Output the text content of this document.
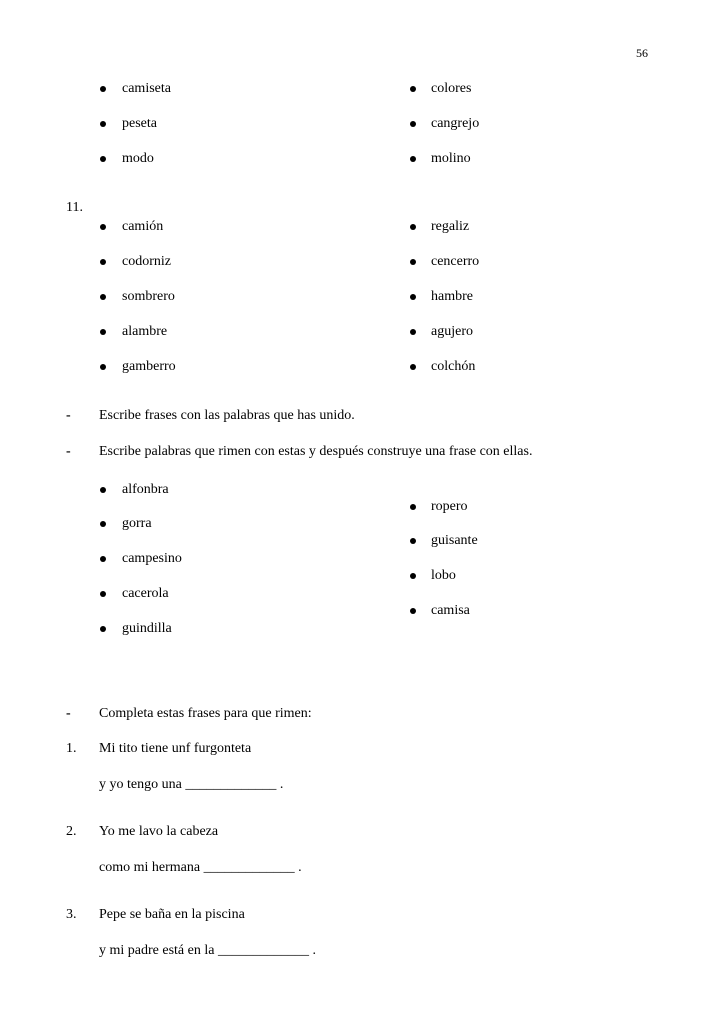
56
camiseta
peseta
modo
colores
cangrejo
molino
11.
camión
codorniz
sombrero
alambre
gamberro
regaliz
cencerro
hambre
agujero
colchón
- Escribe frases con las palabras que has unido.
- Escribe palabras que rimen con estas y después construye una frase con ellas.
alfonbra
gorra
campesino
cacerola
guindilla
ropero
guisante
lobo
camisa
- Completa estas frases para que rimen:
1. Mi tito tiene unf furgonteta
y yo tengo una _____________ .
2. Yo me lavo la cabeza
como mi hermana _____________ .
3. Pepe se baña en la piscina
y mi padre está en la _____________ .
